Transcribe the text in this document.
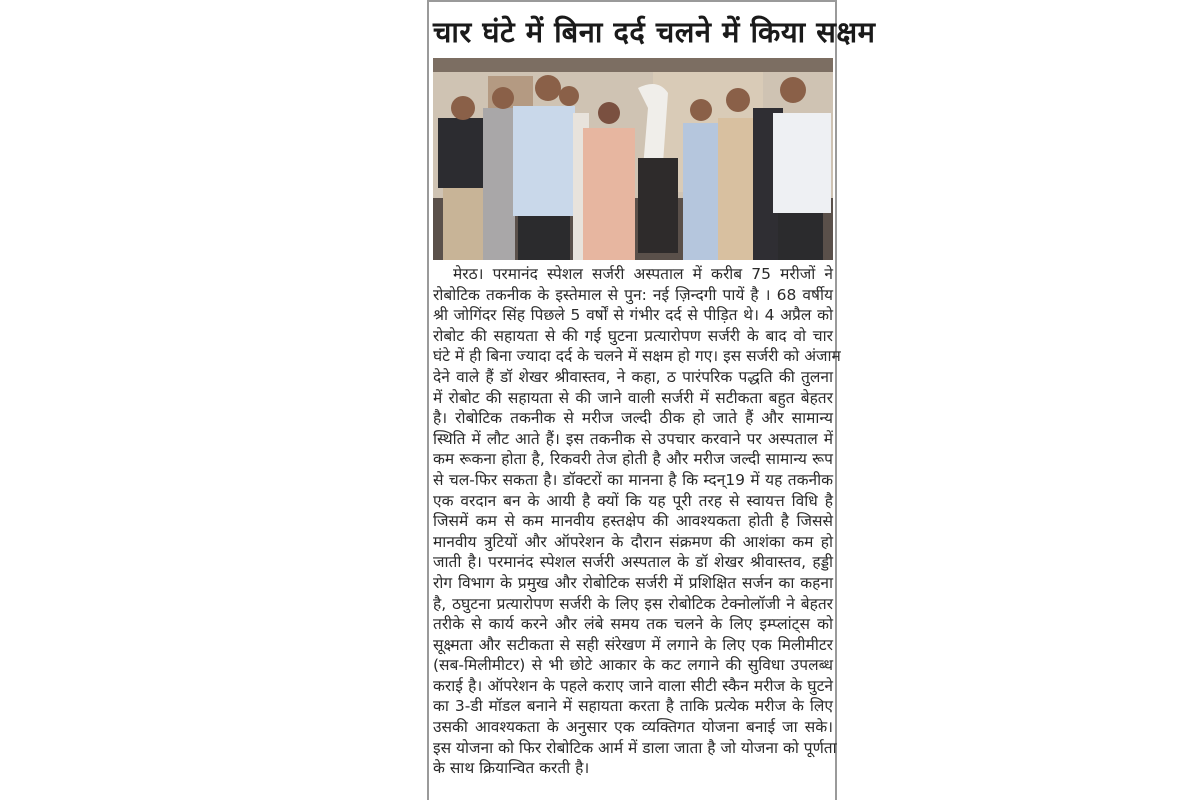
चार घंटे में बिना दर्द चलने में किया सक्षम
मेरठ। परमानंद स्पेशल सर्जरी अस्पताल में करीब 75 मरीजों ने
रोबोटिक तकनीक के इस्तेमाल से पुन: नई ज़िन्दगी पायें है । 68 वर्षीय
श्री जोगिंदर सिंह पिछले 5 वर्षों से गंभीर दर्द से पीड़ित थे। 4 अप्रैल को
रोबोट की सहायता से की गई घुटना प्रत्यारोपण सर्जरी के बाद वो चार
घंटे में ही बिना ज्यादा दर्द के चलने में सक्षम हो गए। इस सर्जरी को अंजाम
देने वाले हैं डॉ शेखर श्रीवास्तव, ने कहा, ठ पारंपरिक पद्धति की तुलना
में रोबोट की सहायता से की जाने वाली सर्जरी में सटीकता बहुत बेहतर
है। रोबोटिक तकनीक से मरीज जल्दी ठीक हो जाते हैं और सामान्य
स्थिति में लौट आते हैं। इस तकनीक से उपचार करवाने पर अस्पताल में
कम रूकना होता है, रिकवरी तेज होती है और मरीज जल्दी सामान्य रूप
से चल-फिर सकता है। डॉक्टरों का मानना है कि म्दन्19 में यह तकनीक
एक वरदान बन के आयी है क्यों कि यह पूरी तरह से स्वायत्त विधि है
जिसमें कम से कम मानवीय हस्तक्षेप की आवश्यकता होती है जिससे
मानवीय त्रुटियों और ऑपरेशन के दौरान संक्रमण की आशंका कम हो
जाती है। परमानंद स्पेशल सर्जरी अस्पताल के डॉ शेखर श्रीवास्तव, हड्डी
रोग विभाग के प्रमुख और रोबोटिक सर्जरी में प्रशिक्षित सर्जन का कहना
है, ठघुटना प्रत्यारोपण सर्जरी के लिए इस रोबोटिक टेक्नोलॉजी ने बेहतर
तरीके से कार्य करने और लंबे समय तक चलने के लिए इम्प्लांट्स को
सूक्ष्मता और सटीकता से सही संरेखण में लगाने के लिए एक मिलीमीटर
(सब-मिलीमीटर) से भी छोटे आकार के कट लगाने की सुविधा उपलब्ध
कराई है। ऑपरेशन के पहले कराए जाने वाला सीटी स्कैन मरीज के घुटने
का 3-डी मॉडल बनाने में सहायता करता है ताकि प्रत्येक मरीज के लिए
उसकी आवश्यकता के अनुसार एक व्यक्तिगत योजना बनाई जा सके।
इस योजना को फिर रोबोटिक आर्म में डाला जाता है जो योजना को पूर्णता
के साथ क्रियान्वित करती है।
